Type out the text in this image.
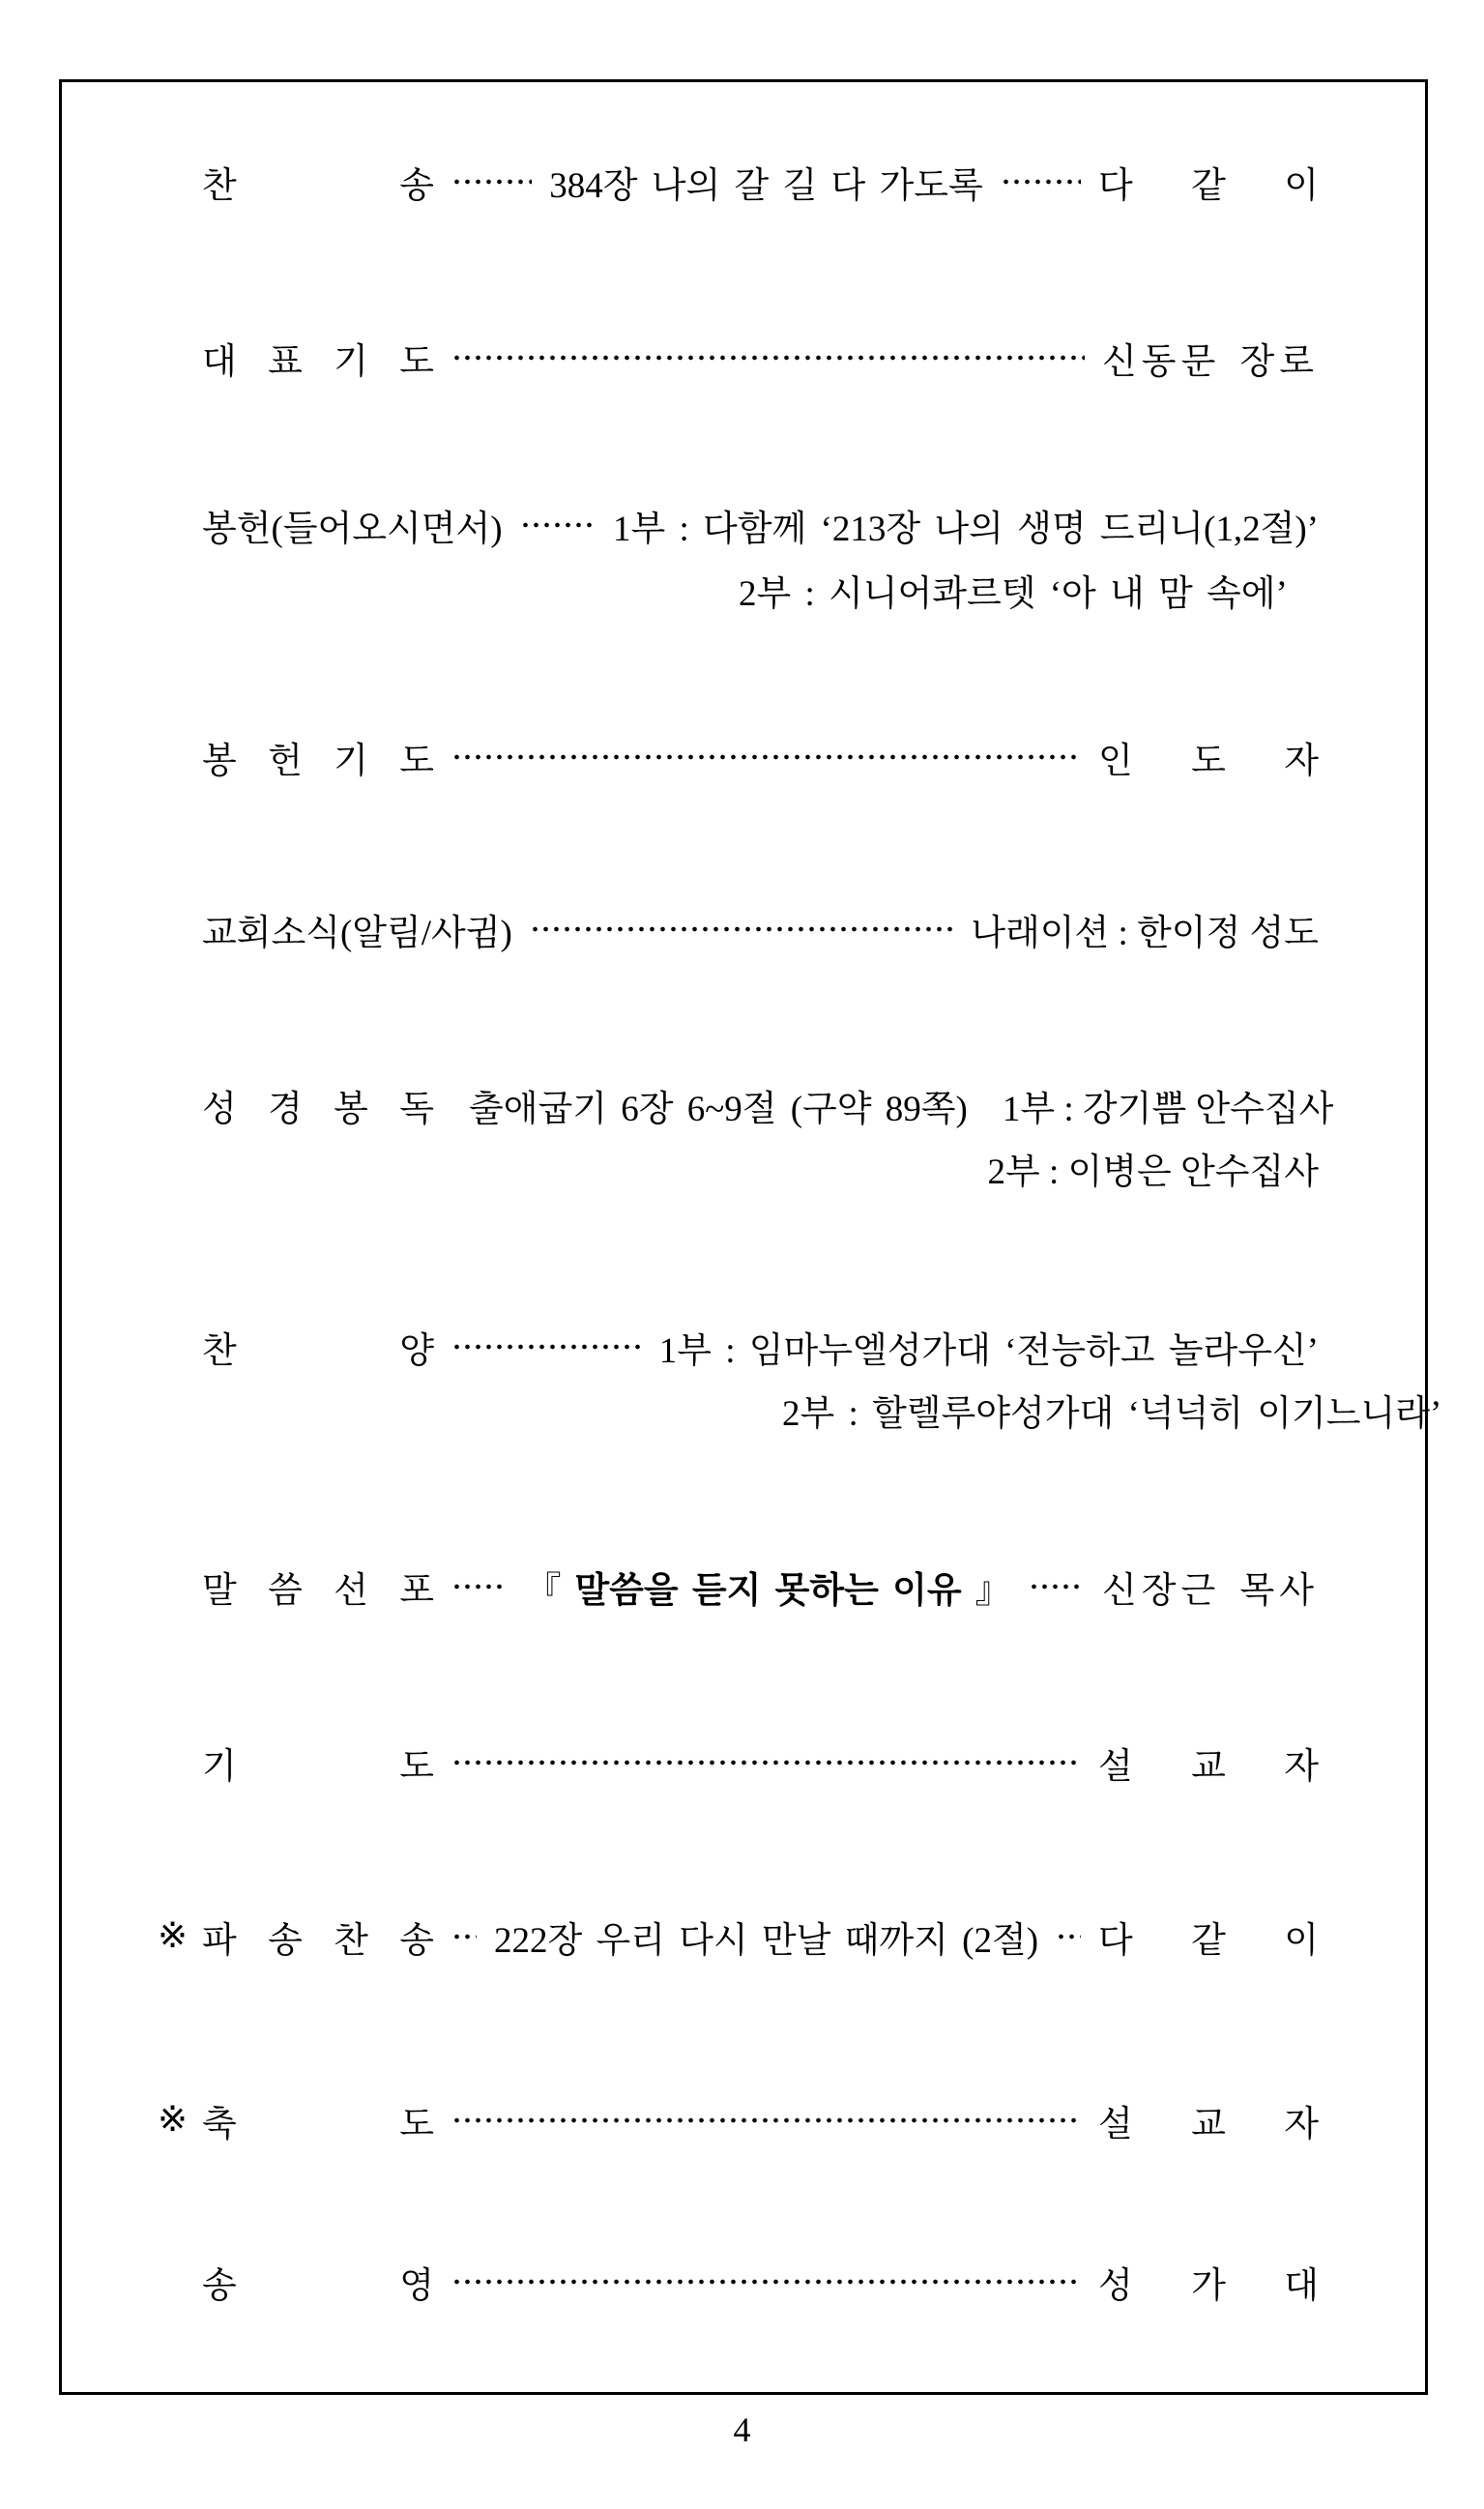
찬	송	384장 나의 갈 길 다 가도록	다 같 이
대 표 기 도	신동문 장로
봉헌(들어오시면서)	1부 : 다함께 ‘213장 나의 생명 드리니(1,2절)’
2부 : 시니어콰르텟 ‘아 내 맘 속에’
봉 헌 기 도	인 도 자
교회소식(알림/사귐)	나래이션 : 한이정 성도
성 경 봉 독 출애굽기 6장 6~9절 (구약 89쪽) 1부 : 강기쁨 안수집사
2부 : 이병은 안수집사
찬	양	1부 : 임마누엘성가대 ‘전능하고 놀라우신’
2부 : 할렐루야성가대 ‘넉넉히 이기느니라’
말 씀 선 포	『 말씀을 듣지 못하는 이유 』	신장근 목사
기	도	설 교 자
※ 파 송 찬 송 222장 우리 다시 만날 때까지 (2절) 다 같 이
※ 축	도	설 교 자
송	영	성 가 대
4
